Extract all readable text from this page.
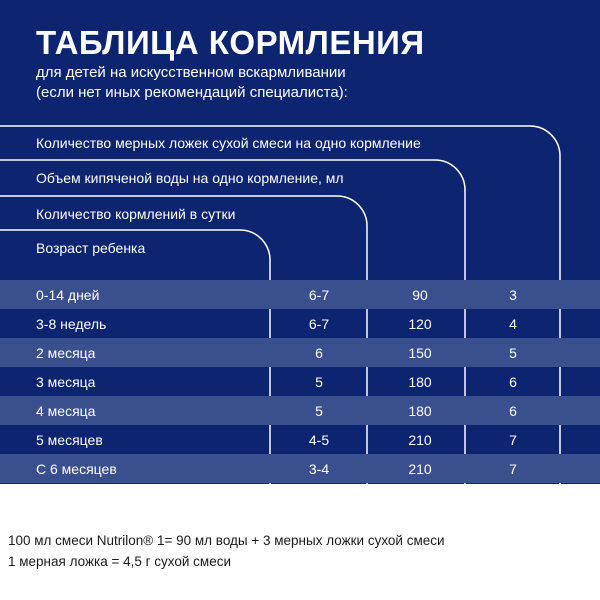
ТАБЛИЦА КОРМЛЕНИЯ
для детей на искусственном вскармливании
(если нет иных рекомендаций специалиста):
Количество мерных ложек сухой смеси на одно кормление
Объем кипяченой воды на одно кормление, мл
Количество кормлений в сутки
Возраст ребенка
0-14 дней	6-7	90	3
3-8 недель	6-7	120	4
2 месяца	6	150	5
3 месяца	5	180	6
4 месяца	5	180	6
5 месяцев	4-5	210	7
С 6 месяцев	3-4	210	7
100 мл смеси Nutrilon® 1= 90 мл воды + 3 мерных ложки сухой смеси
1 мерная ложка = 4,5 г сухой смеси
